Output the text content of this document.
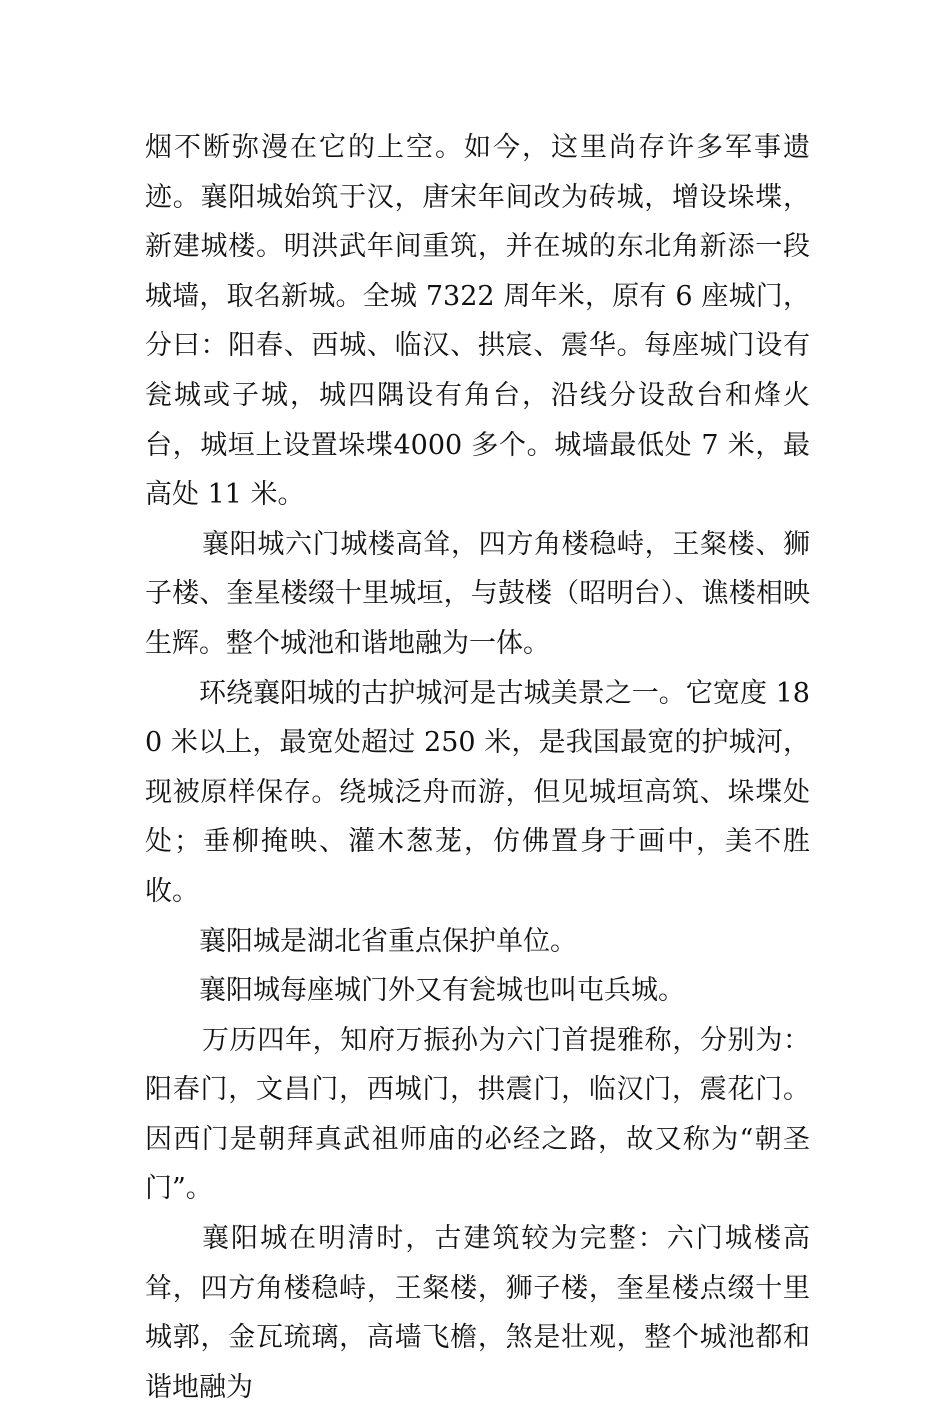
烟不断弥漫在它的上空。如今，这里尚存许多军事遗迹。襄阳城始筑于汉，唐宋年间改为砖城，增设垛堞，新建城楼。明洪武年间重筑，并在城的东北角新添一段城墙，取名新城。全城 7322 周年米，原有 6 座城门，分曰：阳春、西城、临汉、拱宸、震华。每座城门设有瓮城或子城，城四隅设有角台，沿线分设敌台和烽火台，城垣上设置垛堞4000 多个。城墙最低处 7 米，最高处 11 米。

襄阳城六门城楼高耸，四方角楼稳峙，王粲楼、狮子楼、奎星楼缀十里城垣，与鼓楼（昭明台）、谯楼相映生辉。整个城池和谐地融为一体。

环绕襄阳城的古护城河是古城美景之一。它宽度 180 米以上，最宽处超过 250 米，是我国最宽的护城河，现被原样保存。绕城泛舟而游，但见城垣高筑、垛堞处处；垂柳掩映、灌木葱茏，仿佛置身于画中，美不胜收。

襄阳城是湖北省重点保护单位。

襄阳城每座城门外又有瓮城也叫屯兵城。

万历四年，知府万振孙为六门首提雅称，分别为：阳春门，文昌门，西城门，拱震门，临汉门，震花门。因西门是朝拜真武祖师庙的必经之路，故又称为“朝圣门”。

襄阳城在明清时，古建筑较为完整：六门城楼高耸，四方角楼稳峙，王粲楼，狮子楼，奎星楼点缀十里城郭，金瓦琉璃，高墙飞檐，煞是壮观，整个城池都和谐地融为
